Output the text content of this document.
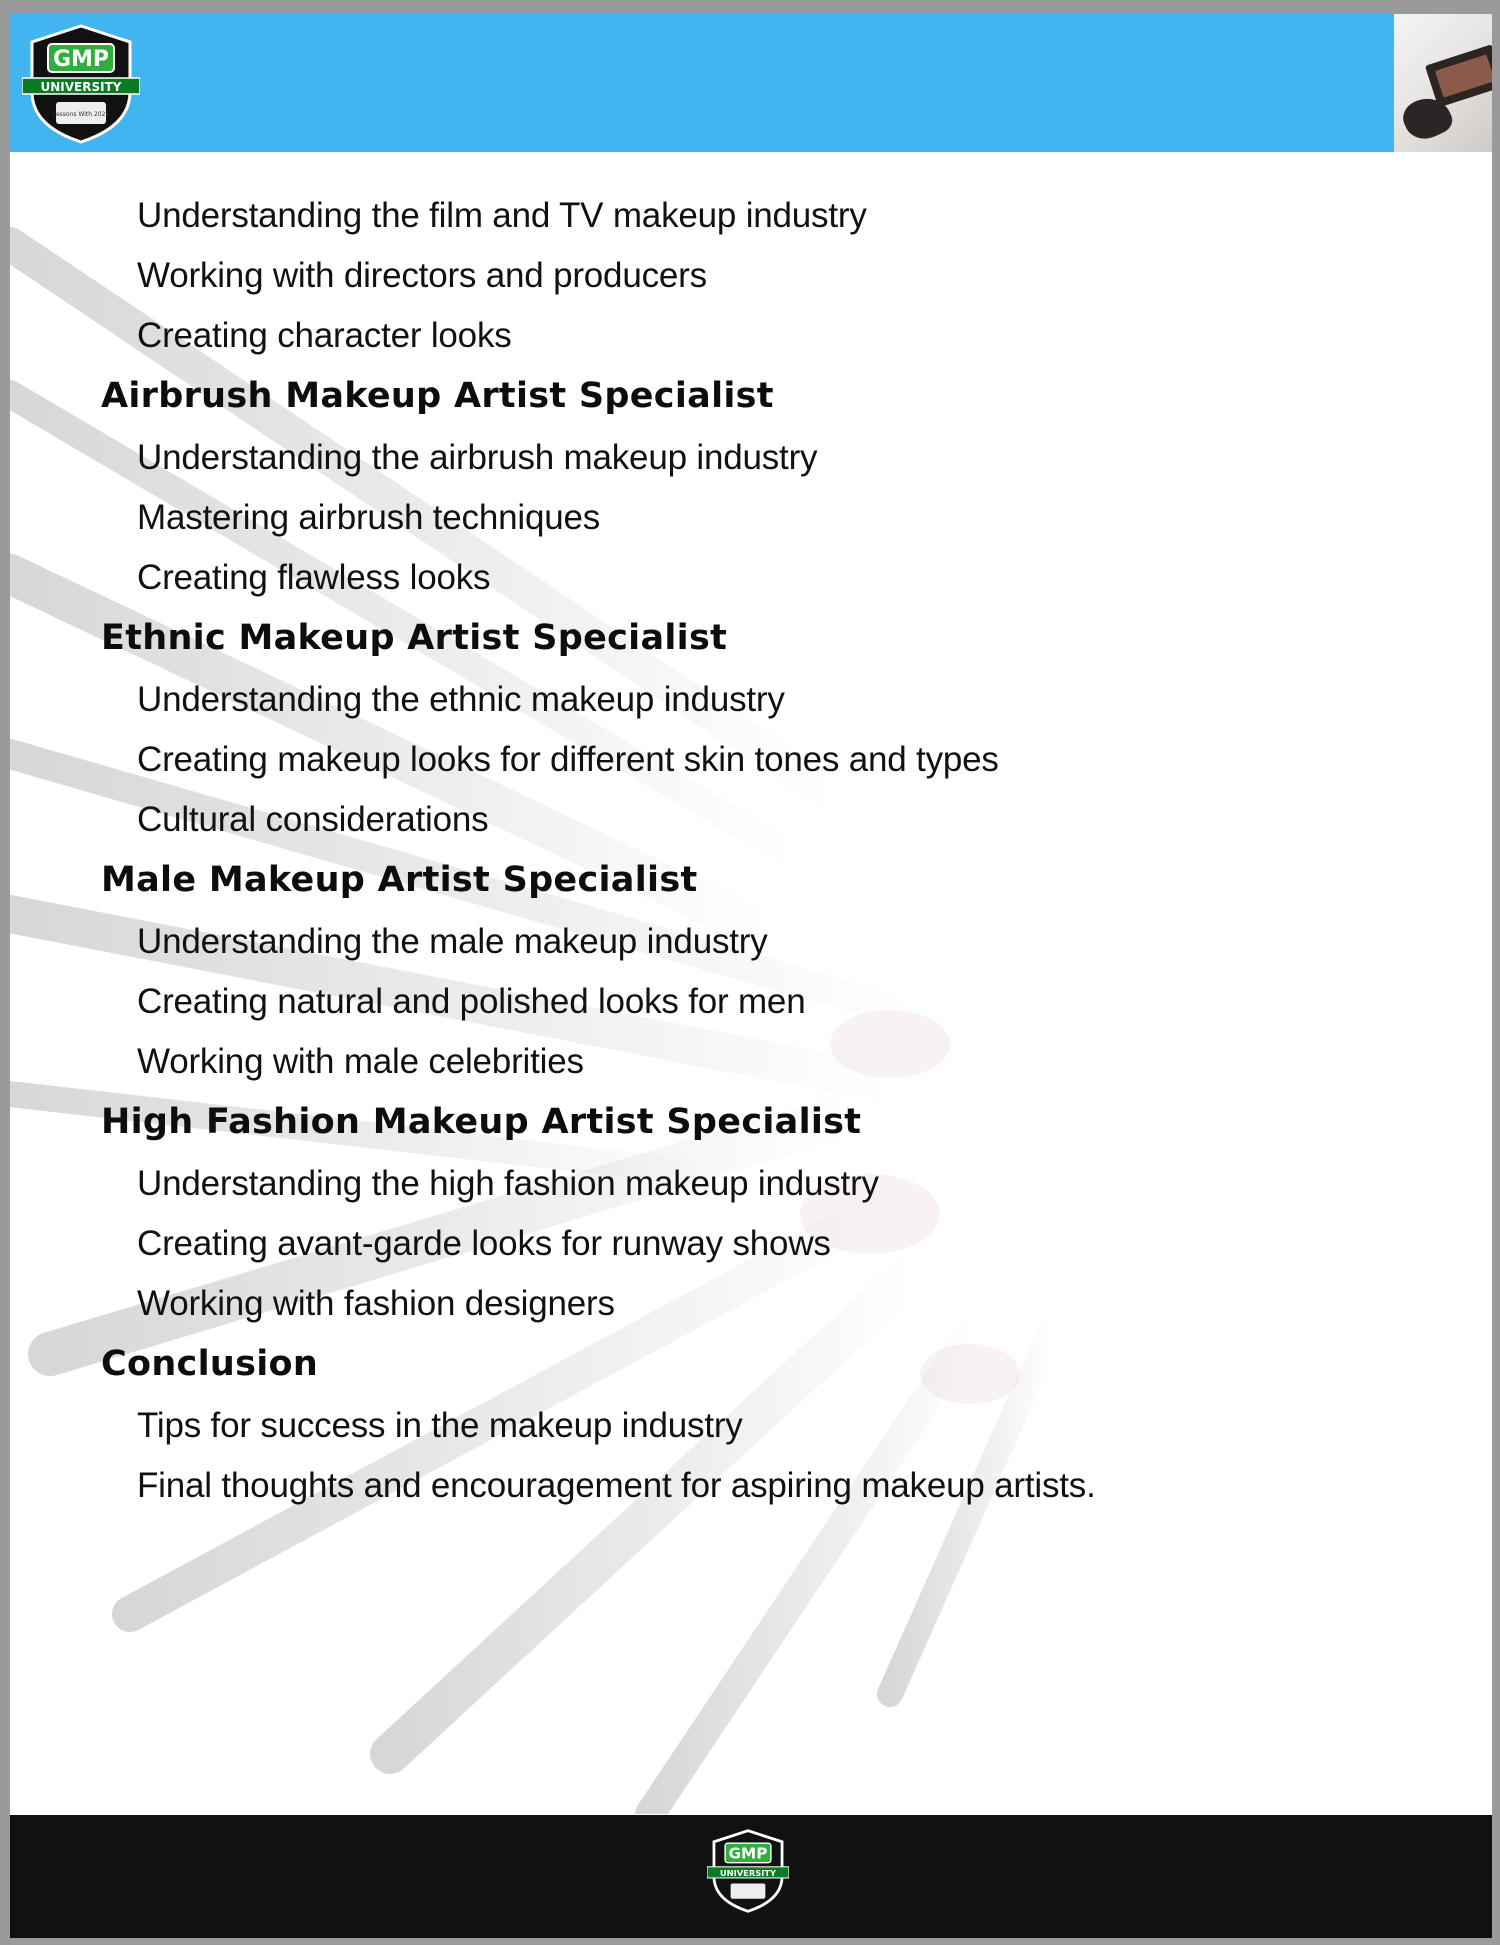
GMP
UNIVERSITY
Lessons With 2025
Understanding the film and TV makeup industry
Working with directors and producers
Creating character looks
Airbrush Makeup Artist Specialist
Understanding the airbrush makeup industry
Mastering airbrush techniques
Creating flawless looks
Ethnic Makeup Artist Specialist
Understanding the ethnic makeup industry
Creating makeup looks for different skin tones and types
Cultural considerations
Male Makeup Artist Specialist
Understanding the male makeup industry
Creating natural and polished looks for men
Working with male celebrities
High Fashion Makeup Artist Specialist
Understanding the high fashion makeup industry
Creating avant-garde looks for runway shows
Working with fashion designers
Conclusion
Tips for success in the makeup industry
Final thoughts and encouragement for aspiring makeup artists.
GMP
UNIVERSITY
